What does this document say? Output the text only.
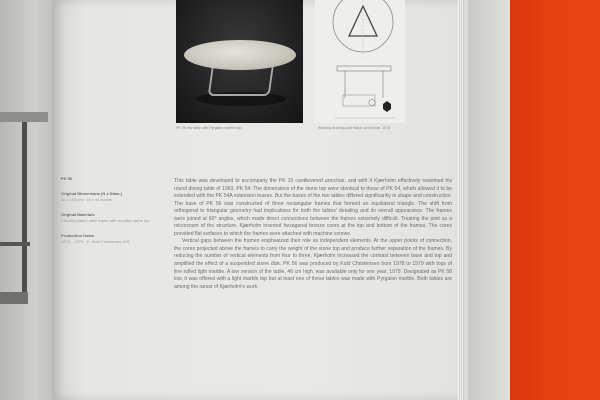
PK 56 low table with Pyrgaion marble top	Working drawing and frame connection, 1978
PK 56
Original Dimensions (H x Diam.)
46 x 103 cm / 18 x 40 inches
Original Materials
Chrome-plated steel frame with rhombic stone top
Production Dates
1978 – 1979 · E. Kold Christensen A/S

This table was developed to accompany the PK 15 cantilevered armchair, and with it Kjærholm effectively reworked his round dining table of 1963, PK 54. The dimensions of the stone top were identical to those of PK 54, which allowed it to be extended with the PK 54A extension leaves. But the bases of the two tables differed significantly in shape and construction. The base of PK 56 was constructed of three rectangular frames that formed an equilateral triangle. The shift from orthogonal to triangular geometry had implications for both the tables' detailing and its overall appearance. The frames were joined at 60° angles, which made direct connections between the frames extremely difficult. Treating the joint as a microcosm of the structure, Kjærholm inserted hexagonal bronze cores at the top and bottom of the frames. The cores provided flat surfaces to which the frames were attached with machine screws.

Vertical gaps between the frames emphasized their role as independent elements. At the upper points of connection, the cores projected above the frames to carry the weight of the stone top and produce further separation of the frames. By reducing the number of vertical elements from four to three, Kjærholm increased the contrast between base and top and amplified the effect of a suspended stone disk. PK 56 was produced by Kold Christensen from 1978 to 1979 with tops of line rolled light marble. A low version of the table, 46 cm high, was available only for one year, 1979. Designated as PK 58 low, it was offered with a light marble top but at least one of these tables was made with Pyrgaion marble. Both tables are among the rarest of Kjærholm's work.
